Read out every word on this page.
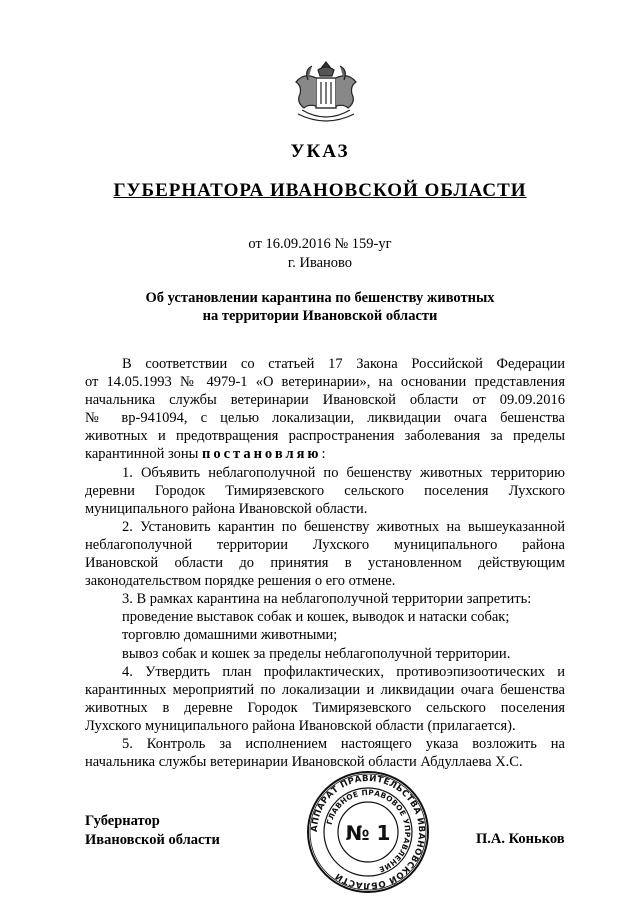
УКАЗ
ГУБЕРНАТОРА ИВАНОВСКОЙ ОБЛАСТИ
от 16.09.2016 № 159-уг
г. Иваново
Об установлении карантина по бешенству животных
на территории Ивановской области

В соответствии со статьей 17 Закона Российской Федерации

от 14.05.1993 № 4979-1 «О ветеринарии», на основании представления

начальника службы ветеринарии Ивановской области от 09.09.2016

№ вр-941094, с целью локализации, ликвидации очага бешенства

животных и предотвращения распространения заболевания за пределы

карантинной зоны постановляю:

1. Объявить неблагополучной по бешенству животных территорию

деревни Городок Тимирязевского сельского поселения Лухского

муниципального района Ивановской области.

2. Установить карантин по бешенству животных на вышеуказанной

неблагополучной территории Лухского муниципального района

Ивановской области до принятия в установленном действующим

законодательством порядке решения о его отмене.

3. В рамках карантина на неблагополучной территории запретить:

проведение выставок собак и кошек, выводок и натаски собак;

торговлю домашними животными;

вывоз собак и кошек за пределы неблагополучной территории.

4. Утвердить план профилактических, противоэпизоотических и

карантинных мероприятий по локализации и ликвидации очага бешенства

животных в деревне Городок Тимирязевского сельского поселения

Лухского муниципального района Ивановской области (прилагается).

5. Контроль за исполнением настоящего указа возложить на

начальника службы ветеринарии Ивановской области Абдуллаева Х.С.

Губернатор
Ивановской области	П.А. Коньков
АППАРАТ ПРАВИТЕЛЬСТВА ИВАНОВСКОЙ ОБЛАСТИ
ГЛАВНОЕ ПРАВОВОЕ УПРАВЛЕНИЕ
№ 1
